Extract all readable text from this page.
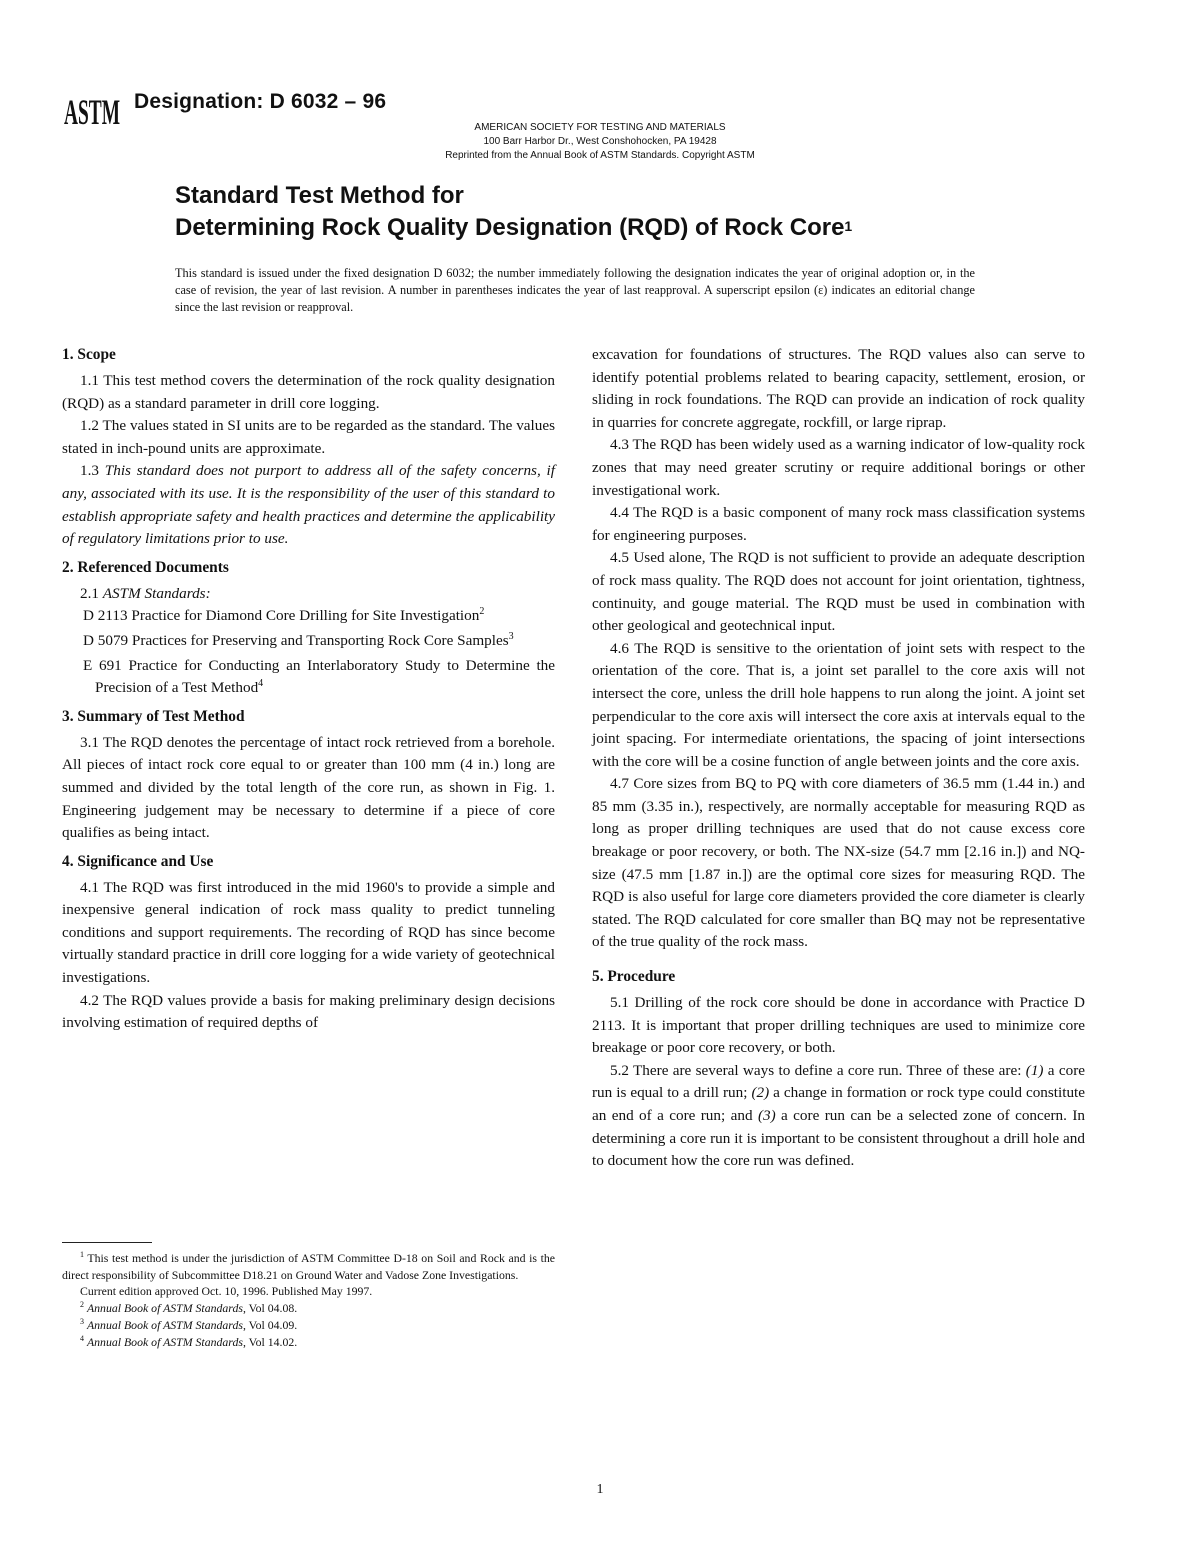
ASTM Designation: D 6032 – 96
AMERICAN SOCIETY FOR TESTING AND MATERIALS
100 Barr Harbor Dr., West Conshohocken, PA 19428
Reprinted from the Annual Book of ASTM Standards. Copyright ASTM
Standard Test Method for
Determining Rock Quality Designation (RQD) of Rock Core$^1$
This standard is issued under the fixed designation D 6032; the number immediately following the designation indicates the year of original adoption or, in the case of revision, the year of last revision. A number in parentheses indicates the year of last reapproval. A superscript epsilon (ε) indicates an editorial change since the last revision or reapproval.
1. Scope

1.1 This test method covers the determination of the rock quality designation (RQD) as a standard parameter in drill core logging.

1.2 The values stated in SI units are to be regarded as the standard. The values stated in inch-pound units are approximate.

1.3 This standard does not purport to address all of the safety concerns, if any, associated with its use. It is the responsibility of the user of this standard to establish appropriate safety and health practices and determine the applicability of regulatory limitations prior to use.

2. Referenced Documents

2.1 ASTM Standards:

D 2113 Practice for Diamond Core Drilling for Site Investigation$^2$

D 5079 Practices for Preserving and Transporting Rock Core Samples$^3$

E 691 Practice for Conducting an Interlaboratory Study to Determine the Precision of a Test Method$^4$

3. Summary of Test Method

3.1 The RQD denotes the percentage of intact rock retrieved from a borehole. All pieces of intact rock core equal to or greater than 100 mm (4 in.) long are summed and divided by the total length of the core run, as shown in Fig. 1. Engineering judgement may be necessary to determine if a piece of core qualifies as being intact.

4. Significance and Use

4.1 The RQD was first introduced in the mid 1960's to provide a simple and inexpensive general indication of rock mass quality to predict tunneling conditions and support requirements. The recording of RQD has since become virtually standard practice in drill core logging for a wide variety of geotechnical investigations.

4.2 The RQD values provide a basis for making preliminary design decisions involving estimation of required depths of

$^1$ This test method is under the jurisdiction of ASTM Committee D-18 on Soil and Rock and is the direct responsibility of Subcommittee D18.21 on Ground Water and Vadose Zone Investigations.

Current edition approved Oct. 10, 1996. Published May 1997.

$^2$ Annual Book of ASTM Standards, Vol 04.08.

$^3$ Annual Book of ASTM Standards, Vol 04.09.

$^4$ Annual Book of ASTM Standards, Vol 14.02.

excavation for foundations of structures. The RQD values also can serve to identify potential problems related to bearing capacity, settlement, erosion, or sliding in rock foundations. The RQD can provide an indication of rock quality in quarries for concrete aggregate, rockfill, or large riprap.

4.3 The RQD has been widely used as a warning indicator of low-quality rock zones that may need greater scrutiny or require additional borings or other investigational work.

4.4 The RQD is a basic component of many rock mass classification systems for engineering purposes.

4.5 Used alone, The RQD is not sufficient to provide an adequate description of rock mass quality. The RQD does not account for joint orientation, tightness, continuity, and gouge material. The RQD must be used in combination with other geological and geotechnical input.

4.6 The RQD is sensitive to the orientation of joint sets with respect to the orientation of the core. That is, a joint set parallel to the core axis will not intersect the core, unless the drill hole happens to run along the joint. A joint set perpendicular to the core axis will intersect the core axis at intervals equal to the joint spacing. For intermediate orientations, the spacing of joint intersections with the core will be a cosine function of angle between joints and the core axis.

4.7 Core sizes from BQ to PQ with core diameters of 36.5 mm (1.44 in.) and 85 mm (3.35 in.), respectively, are normally acceptable for measuring RQD as long as proper drilling techniques are used that do not cause excess core breakage or poor recovery, or both. The NX-size (54.7 mm [2.16 in.]) and NQ-size (47.5 mm [1.87 in.]) are the optimal core sizes for measuring RQD. The RQD is also useful for large core diameters provided the core diameter is clearly stated. The RQD calculated for core smaller than BQ may not be representative of the true quality of the rock mass.

5. Procedure

5.1 Drilling of the rock core should be done in accordance with Practice D 2113. It is important that proper drilling techniques are used to minimize core breakage or poor core recovery, or both.

5.2 There are several ways to define a core run. Three of these are: (1) a core run is equal to a drill run; (2) a change in formation or rock type could constitute an end of a core run; and (3) a core run can be a selected zone of concern. In determining a core run it is important to be consistent throughout a drill hole and to document how the core run was defined.

1
